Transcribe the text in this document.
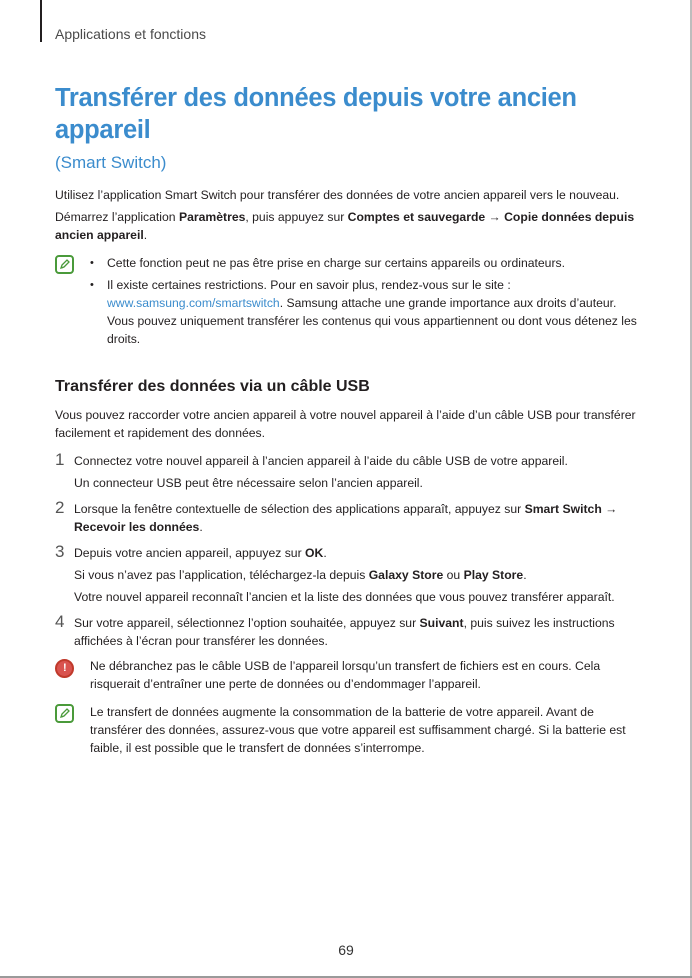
Applications et fonctions
Transférer des données depuis votre ancien appareil
(Smart Switch)

Utilisez l’application Smart Switch pour transférer des données de votre ancien appareil vers le nouveau.

Démarrez l’application Paramètres, puis appuyez sur Comptes et sauvegarde → Copie données depuis ancien appareil.

• Cette fonction peut ne pas être prise en charge sur certains appareils ou ordinateurs.
• Il existe certaines restrictions. Pour en savoir plus, rendez-vous sur le site : www.samsung.com/smartswitch. Samsung attache une grande importance aux droits d’auteur. Vous pouvez uniquement transférer les contenus qui vous appartiennent ou dont vous détenez les droits.
Transférer des données via un câble USB

Vous pouvez raccorder votre ancien appareil à votre nouvel appareil à l’aide d’un câble USB pour transférer facilement et rapidement des données.

1 Connectez votre nouvel appareil à l’ancien appareil à l’aide du câble USB de votre appareil.

Un connecteur USB peut être nécessaire selon l’ancien appareil.

2 Lorsque la fenêtre contextuelle de sélection des applications apparaît, appuyez sur Smart Switch → Recevoir les données.

3 Depuis votre ancien appareil, appuyez sur OK.

Si vous n’avez pas l’application, téléchargez-la depuis Galaxy Store ou Play Store.

Votre nouvel appareil reconnaît l’ancien et la liste des données que vous pouvez transférer apparaît.

4 Sur votre appareil, sélectionnez l’option souhaitée, appuyez sur Suivant, puis suivez les instructions affichées à l’écran pour transférer les données.

! Ne débranchez pas le câble USB de l’appareil lorsqu’un transfert de fichiers est en cours. Cela risquerait d’entraîner une perte de données ou d’endommager l’appareil.

Le transfert de données augmente la consommation de la batterie de votre appareil. Avant de transférer des données, assurez-vous que votre appareil est suffisamment chargé. Si la batterie est faible, il est possible que le transfert de données s’interrompe.

69
